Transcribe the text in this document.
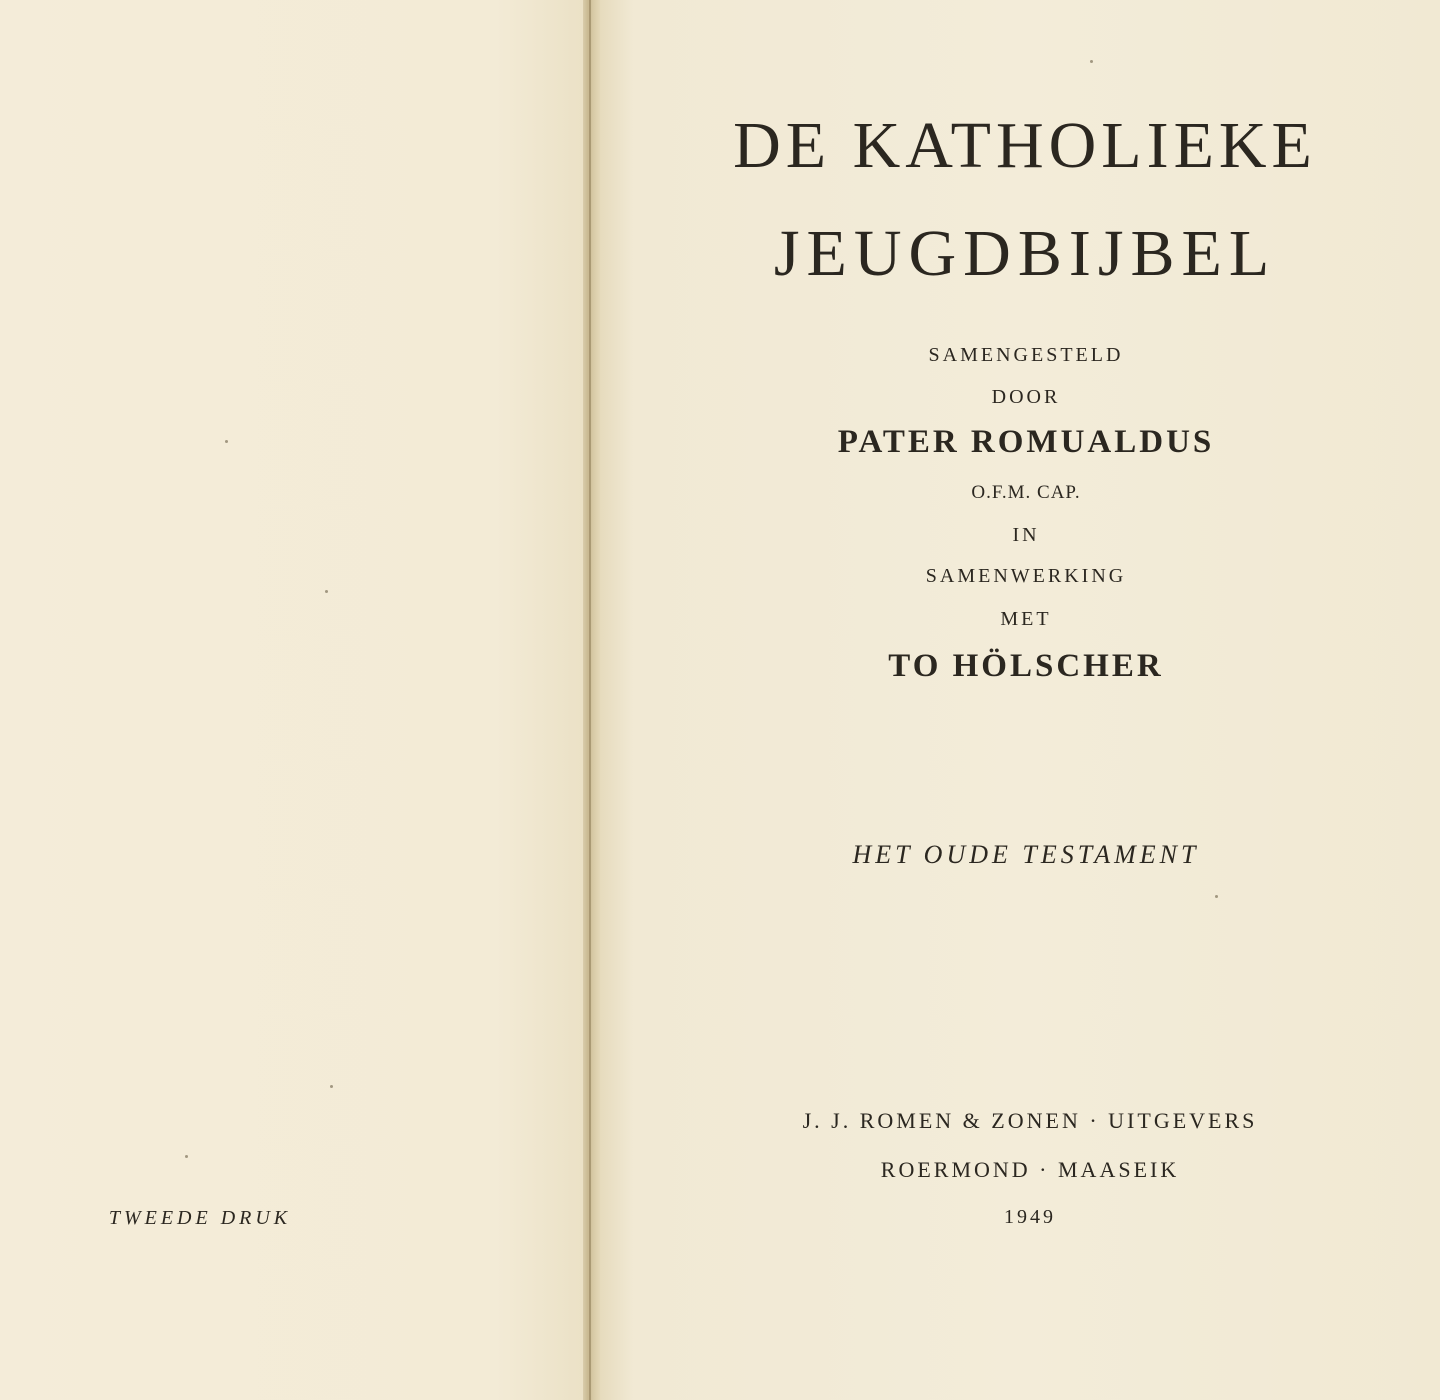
TWEEDE DRUK
DE KATHOLIEKE
JEUGDBIJBEL
SAMENGESTELD
DOOR
PATER ROMUALDUS
O.F.M. CAP.
IN
SAMENWERKING
MET
TO HÖLSCHER
HET OUDE TESTAMENT
J. J. ROMEN & ZONEN · UITGEVERS
ROERMOND · MAASEIK
1949
